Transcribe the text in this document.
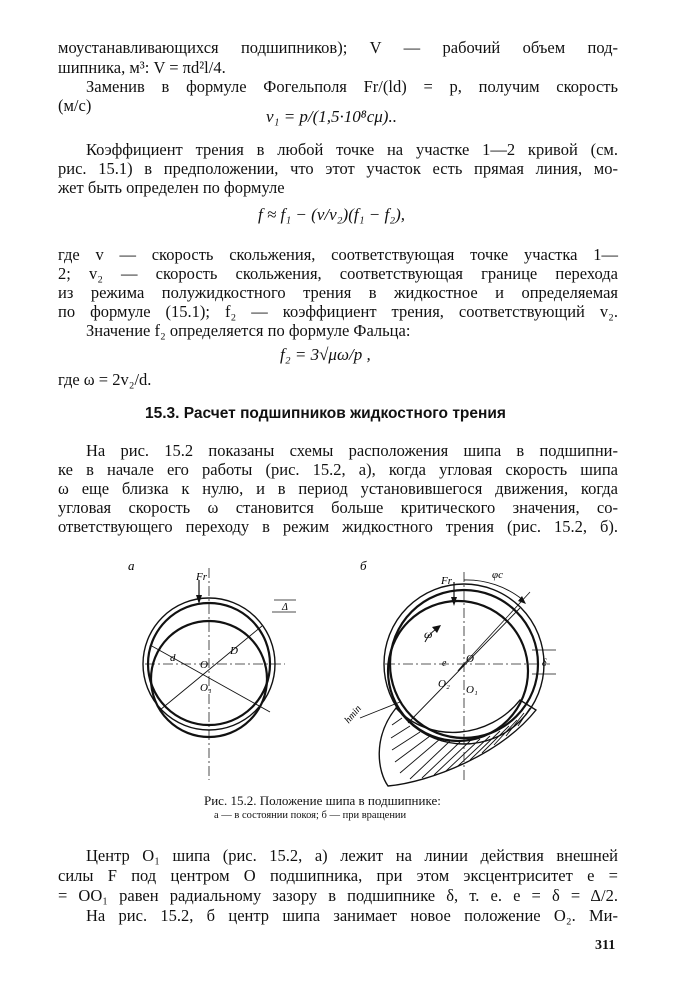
моустанавливающихся подшипников); V — рабочий объем под-
шипника, м³: V = πd²l/4.
Заменив в формуле Фогельполя Fr/(ld) = p, получим скорость
(м/с)
v₁ = p/(1,5·10⁸cμ)..
Коэффициент трения в любой точке на участке 1—2 кривой (см.
рис. 15.1) в предположении, что этот участок есть прямая линия, мо-
жет быть определен по формуле
f ≈ f₁ − (v/v₂)(f₁ − f₂),
где v — скорость скольжения, соответствующая точке участка 1—
2; v₂ — скорость скольжения, соответствующая границе перехода
из режима полужидкостного трения в жидкостное и определяемая
по формуле (15.1); f₂ — коэффициент трения, соответствующий v₂.
Значение f₂ определяется по формуле Фальца:
f₂ = 3√μω/p ,
где ω = 2v₂/d.
15.3. Расчет подшипников жидкостного трения
На рис. 15.2 показаны схемы расположения шипа в подшипни-
ке в начале его работы (рис. 15.2, а), когда угловая скорость шипа
ω еще близка к нулю, и в период установившегося движения, когда
угловая скорость ω становится больше критического значения, со-
ответствующего переходу в режим жидкостного трения (рис. 15.2, б).
а
Fr
d
D
O
O₁
Δ
б
Fr	φc
e O
O₂ O₁
ω
δ
hmin
Рис. 15.2. Положение шипа в подшипнике:
а — в состоянии покоя; б — при вращении
Центр O₁ шипа (рис. 15.2, а) лежит на линии действия внешней
силы F под центром O подшипника, при этом эксцентриситет e =
= OO₁ равен радиальному зазору в подшипнике δ, т. е. e = δ = Δ/2.
На рис. 15.2, б центр шипа занимает новое положение O₂. Ми-
311
